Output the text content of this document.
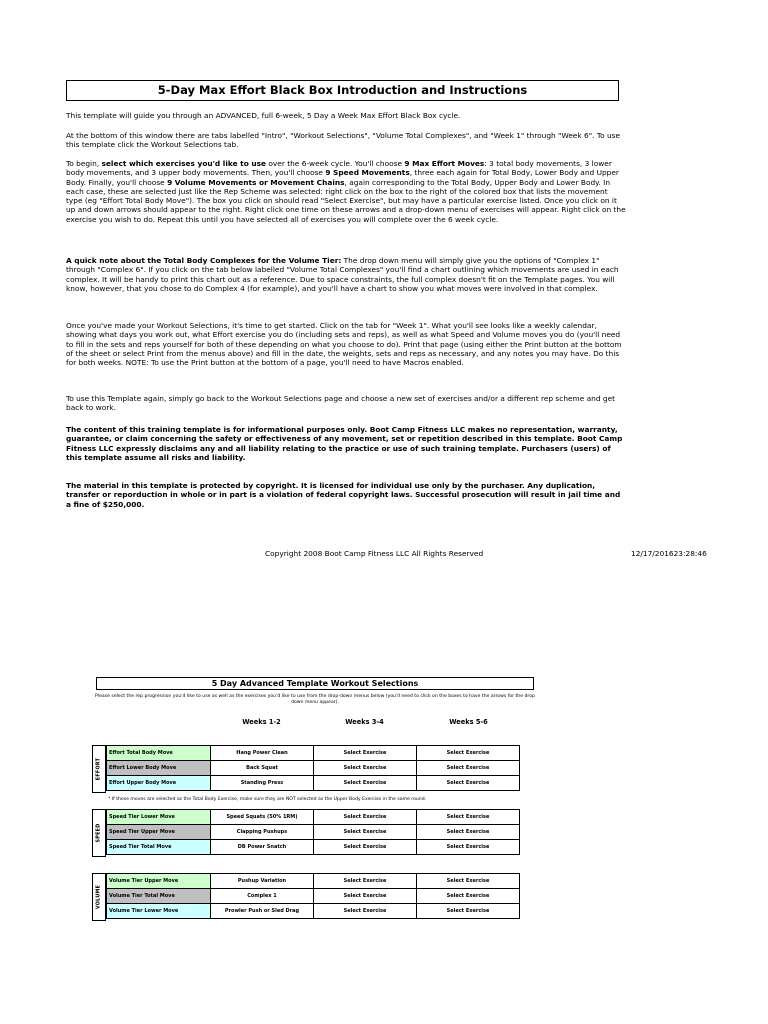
5-Day Max Effort Black Box Introduction and Instructions

This template will guide you through an ADVANCED, full 6-week, 5 Day a Week Max Effort Black Box cycle.

At the bottom of this window there are tabs labelled "Intro", "Workout Selections", "Volume Total Complexes", and "Week 1" through "Week 6". To use this template click the Workout Selections tab.

To begin, select which exercises you'd like to use over the 6-week cycle. You'll choose 9 Max Effort Moves: 3 total body movements, 3 lower body movements, and 3 upper body movements. Then, you'll choose 9 Speed Movements, three each again for Total Body, Lower Body and Upper Body. Finally, you'll choose 9 Volume Movements or Movement Chains, again corresponding to the Total Body, Upper Body and Lower Body. In each case, these are selected just like the Rep Scheme was selected: right click on the box to the right of the colored box that lists the movement type (eg "Effort Total Body Move"). The box you click on should read "Select Exercise", but may have a particular exercise listed. Once you click on it up and down arrows should appear to the right. Right click one time on these arrows and a drop-down menu of exercises will appear. Right click on the exercise you wish to do. Repeat this until you have selected all of exercises you will complete over the 6 week cycle.

A quick note about the Total Body Complexes for the Volume Tier: The drop down menu will simply give you the options of "Complex 1" through "Complex 6". If you click on the tab below labelled "Volume Total Complexes" you'll find a chart outlining which movements are used in each complex. It will be handy to print this chart out as a reference. Due to space constraints, the full complex doesn't fit on the Template pages. You will know, however, that you chose to do Complex 4 (for example), and you'll have a chart to show you what moves were involved in that complex.

Once you've made your Workout Selections, it's time to get started. Click on the tab for "Week 1". What you'll see looks like a weekly calendar, showing what days you work out, what Effort exercise you do (including sets and reps), as well as what Speed and Volume moves you do (you'll need to fill in the sets and reps yourself for both of these depending on what you choose to do). Print that page (using either the Print button at the bottom of the sheet or select Print from the menus above) and fill in the date, the weights, sets and reps as necessary, and any notes you may have. Do this for both weeks. NOTE: To use the Print button at the bottom of a page, you'll need to have Macros enabled.

To use this Template again, simply go back to the Workout Selections page and choose a new set of exercises and/or a different rep scheme and get back to work.

The content of this training template is for informational purposes only. Boot Camp Fitness LLC makes no representation, warranty, guarantee, or claim concerning the safety or effectiveness of any movement, set or repetition described in this template. Boot Camp Fitness LLC expressly disclaims any and all liability relating to the practice or use of such training template. Purchasers (users) of this template assume all risks and liability.

The material in this template is protected by copyright. It is licensed for individual use only by the purchaser. Any duplication, transfer or reporduction in whole or in part is a violation of federal copyright laws. Successful prosecution will result in jail time and a fine of $250,000.

Copyright 2008 Boot Camp Fitness LLC All Rights Reserved	12/17/201623:28:46
5 Day Advanced Template Workout Selections

Please select the rep progression you'd like to use as well as the exercises you'd like to use from the drop-down menus below (you'll need to click on the boxes to have the arrows for the drop down menu appear).

Weeks 1-2	Weeks 3-4	Weeks 5-6
EFFORT
Effort Total Body Move	Hang Power Clean	Select Exercise	Select Exercise
Effort Lower Body Move	Back Squat	Select Exercise	Select Exercise
Effort Upper Body Move	Standing Press	Select Exercise	Select Exercise
* If these moves are selected as the Total Body Exercise, make sure they are NOT selected as the Upper Body Exercise in the same round.
SPEED
Speed Tier Lower Move	Speed Squats (50% 1RM)	Select Exercise	Select Exercise
Speed Tier Upper Move	Clapping Pushups	Select Exercise	Select Exercise
Speed Tier Total Move	DB Power Snatch	Select Exercise	Select Exercise
VOLUME
Volume Tier Upper Move	Pushup Variation	Select Exercise	Select Exercise
Volume Tier Total Move	Complex 1	Select Exercise	Select Exercise
Volume Tier Lower Move	Prowler Push or Sled Drag	Select Exercise	Select Exercise
